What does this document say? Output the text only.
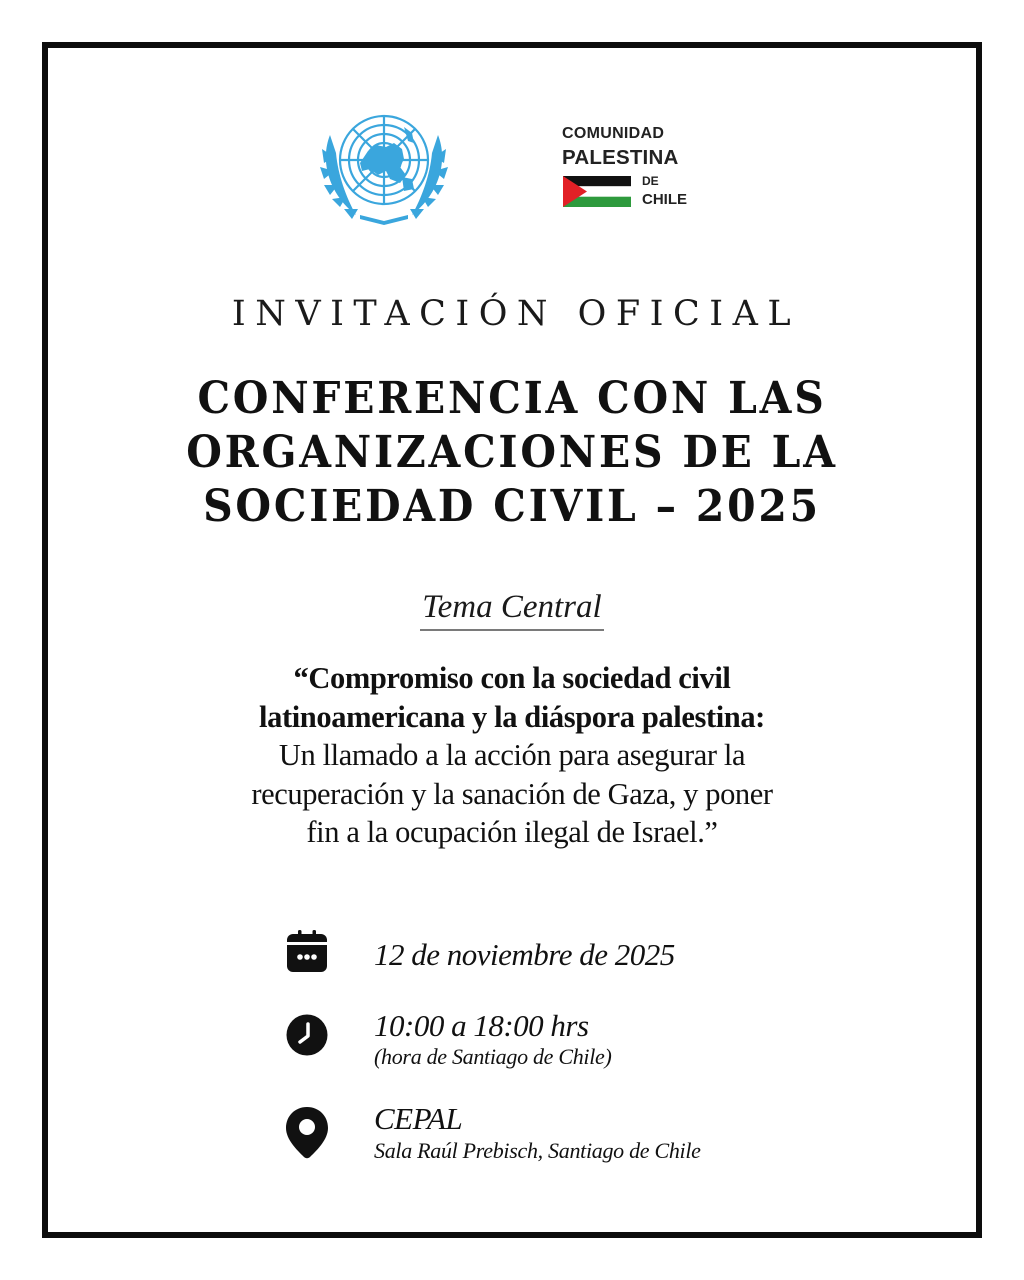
COMUNIDAD
PALESTINA
DE
CHILE
INVITACIÓN OFICIAL
CONFERENCIA CON LAS
ORGANIZACIONES DE LA
SOCIEDAD CIVIL – 2025
Tema Central
“Compromiso con la sociedad civil
latinoamericana y la diáspora palestina:
Un llamado a la acción para asegurar la
recuperación y la sanación de Gaza, y poner
fin a la ocupación ilegal de Israel.”
12 de noviembre de 2025
10:00 a 18:00 hrs
(hora de Santiago de Chile)
CEPAL
Sala Raúl Prebisch, Santiago de Chile
